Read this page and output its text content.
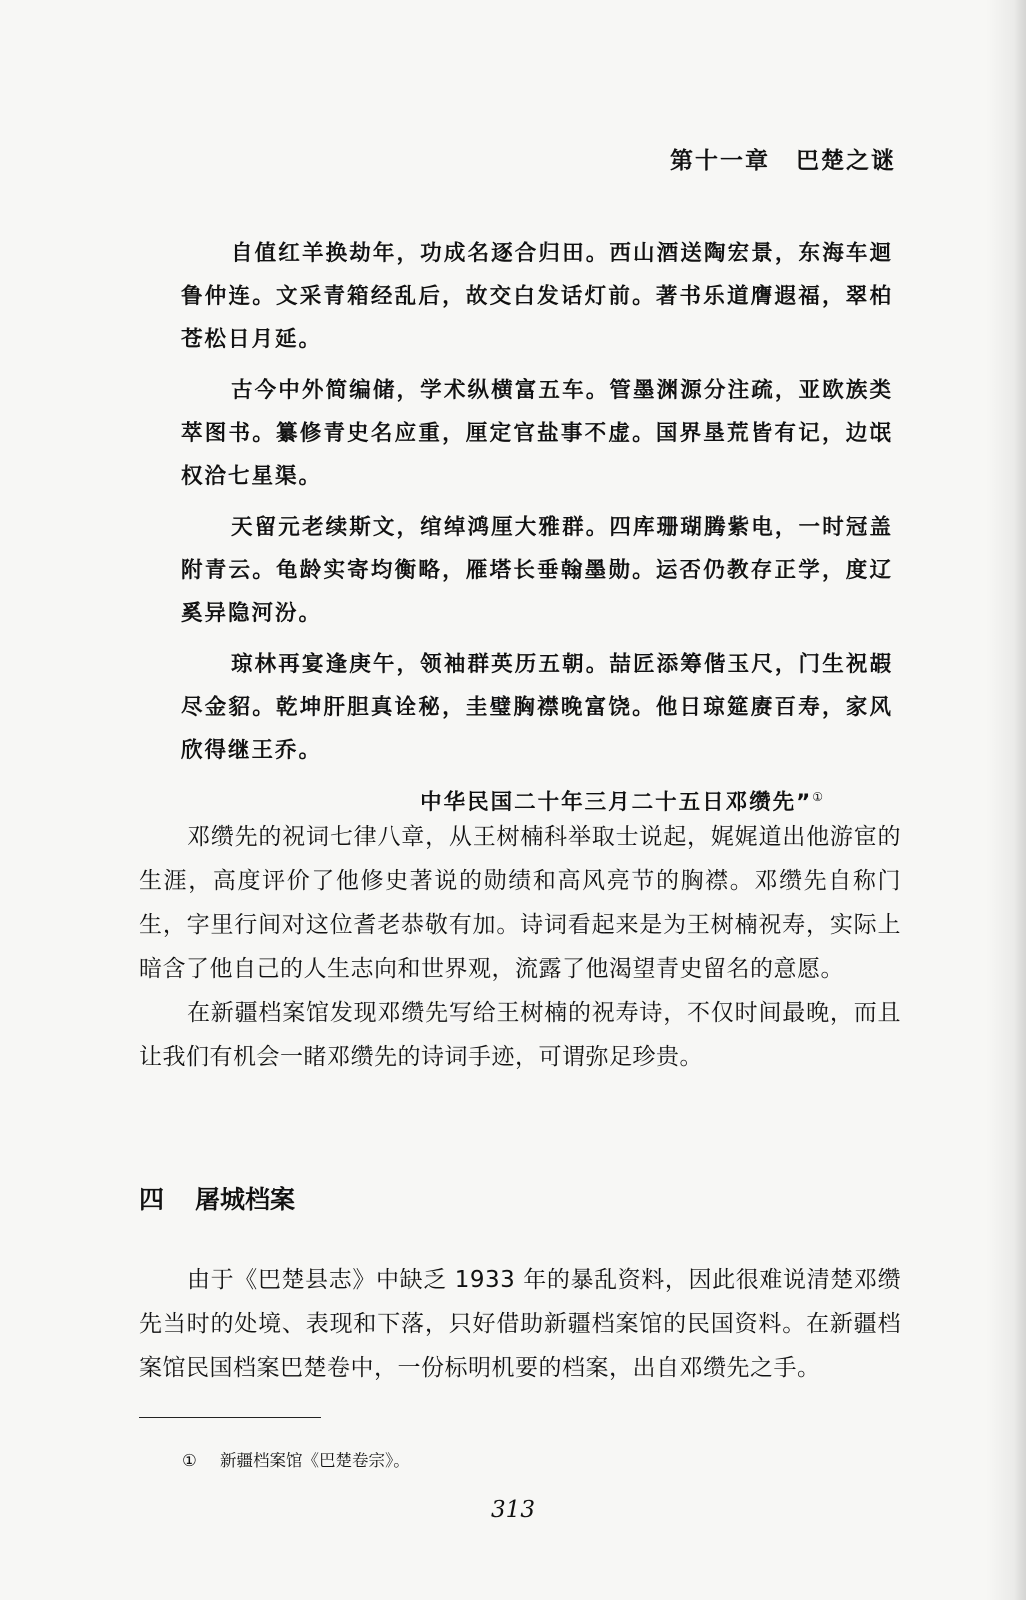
第十一章 巴楚之谜

自值红羊换劫年，功成名逐合归田。西山酒送陶宏景，东海车迴鲁仲连。文采青箱经乱后，故交白发话灯前。著书乐道膺遐福，翠柏苍松日月延。

古今中外简编储，学术纵横富五车。管墨渊源分注疏，亚欧族类萃图书。纂修青史名应重，厘定官盐事不虚。国界垦荒皆有记，边氓权洽七星渠。

天留元老续斯文，绾绰鸿厘大雅群。四库珊瑚腾紫电，一时冠盖附青云。龟龄实寄均衡略，雁塔长垂翰墨勋。运否仍教存正学，度辽奚异隐河汾。

琼林再宴逢庚午，领袖群英历五朝。喆匠添筹偕玉尺，门生祝嘏尽金貂。乾坤肝胆真诠秘，圭璧胸襟晚富饶。他日琼筵赓百寿，家风欣得继王乔。

中华民国二十年三月二十五日邓缵先”①

邓缵先的祝词七律八章，从王树楠科举取士说起，娓娓道出他游宦的生涯，高度评价了他修史著说的勋绩和高风亮节的胸襟。邓缵先自称门生，字里行间对这位耆老恭敬有加。诗词看起来是为王树楠祝寿，实际上暗含了他自己的人生志向和世界观，流露了他渴望青史留名的意愿。

在新疆档案馆发现邓缵先写给王树楠的祝寿诗，不仅时间最晚，而且让我们有机会一睹邓缵先的诗词手迹，可谓弥足珍贵。

四 屠城档案

由于《巴楚县志》中缺乏 1933 年的暴乱资料，因此很难说清楚邓缵先当时的处境、表现和下落，只好借助新疆档案馆的民国资料。在新疆档案馆民国档案巴楚卷中，一份标明机要的档案，出自邓缵先之手。

① 新疆档案馆《巴楚卷宗》。

313
